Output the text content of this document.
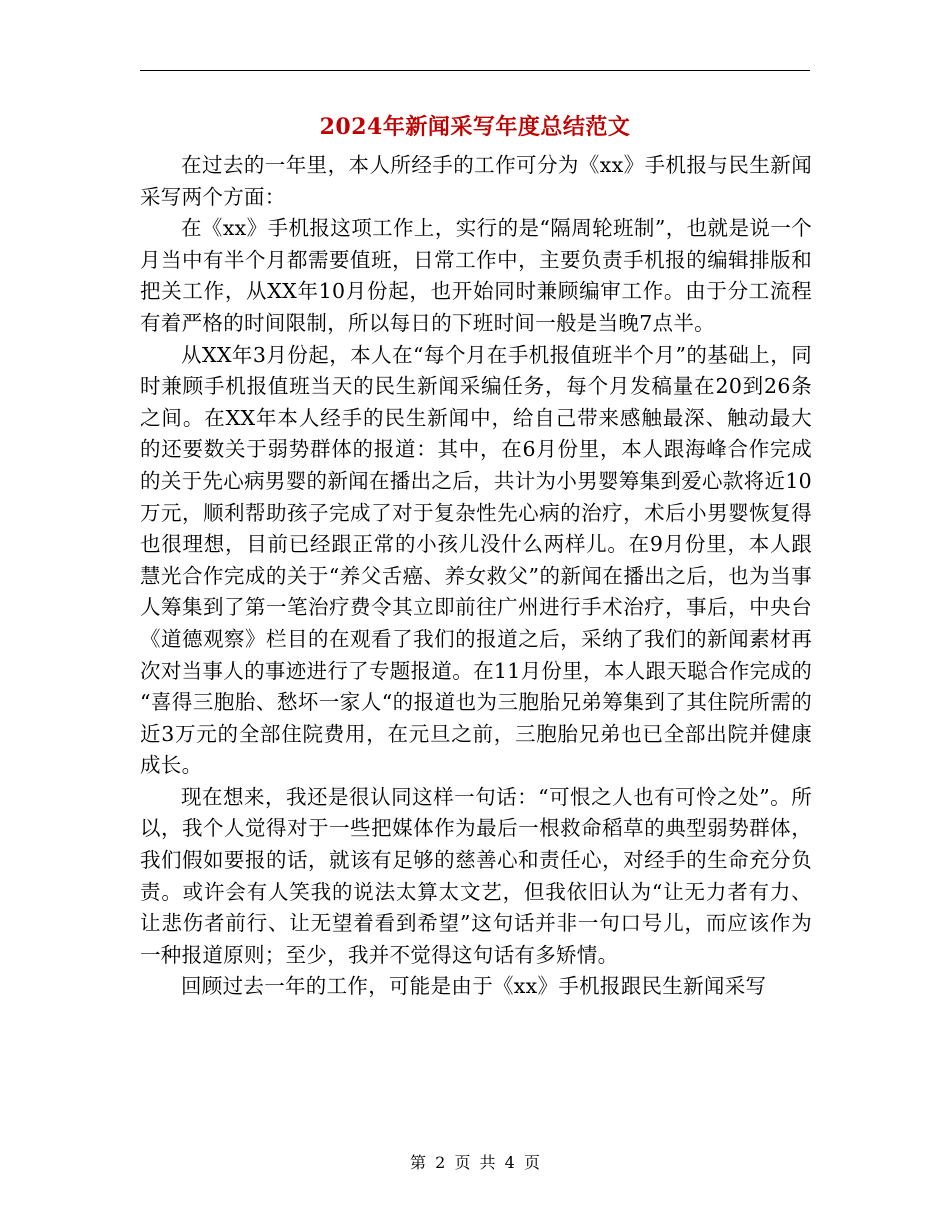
2024年新闻采写年度总结范文

在过去的一年里，本人所经手的工作可分为《xx》手机报与民生新闻采写两个方面：

在《xx》手机报这项工作上，实行的是“隔周轮班制”，也就是说一个月当中有半个月都需要值班，日常工作中，主要负责手机报的编辑排版和把关工作，从XX年10月份起，也开始同时兼顾编审工作。由于分工流程有着严格的时间限制，所以每日的下班时间一般是当晚7点半。

从XX年3月份起，本人在“每个月在手机报值班半个月”的基础上，同时兼顾手机报值班当天的民生新闻采编任务，每个月发稿量在20到26条之间。在XX年本人经手的民生新闻中，给自己带来感触最深、触动最大的还要数关于弱势群体的报道：其中，在6月份里，本人跟海峰合作完成的关于先心病男婴的新闻在播出之后，共计为小男婴筹集到爱心款将近10万元，顺利帮助孩子完成了对于复杂性先心病的治疗，术后小男婴恢复得也很理想，目前已经跟正常的小孩儿没什么两样儿。在9月份里，本人跟慧光合作完成的关于“养父舌癌、养女救父”的新闻在播出之后，也为当事人筹集到了第一笔治疗费令其立即前往广州进行手术治疗，事后，中央台《道德观察》栏目的在观看了我们的报道之后，采纳了我们的新闻素材再次对当事人的事迹进行了专题报道。在11月份里，本人跟天聪合作完成的 “喜得三胞胎、愁坏一家人“的报道也为三胞胎兄弟筹集到了其住院所需的近3万元的全部住院费用，在元旦之前，三胞胎兄弟也已全部出院并健康成长。

现在想来，我还是很认同这样一句话：“可恨之人也有可怜之处”。所以，我个人觉得对于一些把媒体作为最后一根救命稻草的典型弱势群体，我们假如要报的话，就该有足够的慈善心和责任心，对经手的生命充分负责。或许会有人笑我的说法太算太文艺，但我依旧认为“让无力者有力、让悲伤者前行、让无望着看到希望”这句话并非一句口号儿，而应该作为一种报道原则；至少，我并不觉得这句话有多矫情。

回顾过去一年的工作，可能是由于《xx》手机报跟民生新闻采写

第 2 页 共 4 页
